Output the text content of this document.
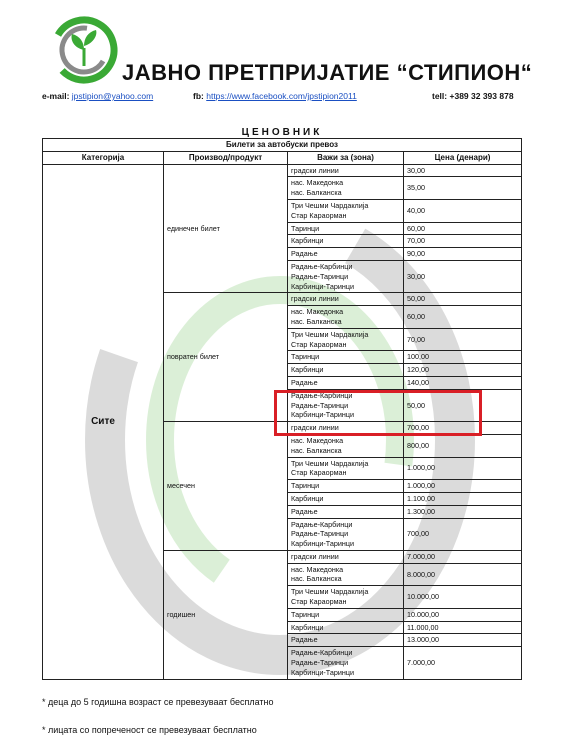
ЈАВНО ПРЕТПРИЈАТИЕ “СТИПИОН“
e-mail: jpstipion@yahoo.com	fb: https://www.facebook.com/jpstipion2011	tell: +389 32 393 878
ЦЕНОВНИК
Билети за автобуски превоз			
Категорија	Производ/продукт	Важи за (зона)	Цена (денари)
Сите	единечен билет	градски линии	30,00

		нас. Македонка
нас. Балканска	35,00

		Три Чешми Чардаклија
Стар Караорман	40,00

		Таринци	60,00

		Карбинци	70,00

		Радање	90,00

		Радање-Карбинци
Радање-Таринци
Карбинци-Таринци	30,00
	повратен билет	градски линии	50,00

		нас. Македонка
нас. Балканска	60,00

		Три Чешми Чардаклија
Стар Караорман	70,00

		Таринци	100,00

		Карбинци	120,00

		Радање	140,00

		Радање-Карбинци
Радање-Таринци
Карбинци-Таринци	50,00
	месечен	градски линии	700,00

		нас. Македонка
нас. Балканска	800,00

		Три Чешми Чардаклија
Стар Караорман	1.000,00

		Таринци	1.000,00

		Карбинци	1.100,00

		Радање	1.300,00

		Радање-Карбинци
Радање-Таринци
Карбинци-Таринци	700,00
	годишен	градски линии	7.000,00

		нас. Македонка
нас. Балканска	8.000,00

		Три Чешми Чардаклија
Стар Караорман	10.000,00

		Таринци	10.000,00

		Карбинци	11.000,00

		Радање	13.000,00

		Радање-Карбинци
Радање-Таринци
Карбинци-Таринци	7.000,00
* деца до 5 годишна возраст се превезуваат бесплатно
* лицата со попреченост се превезуваат бесплатно
